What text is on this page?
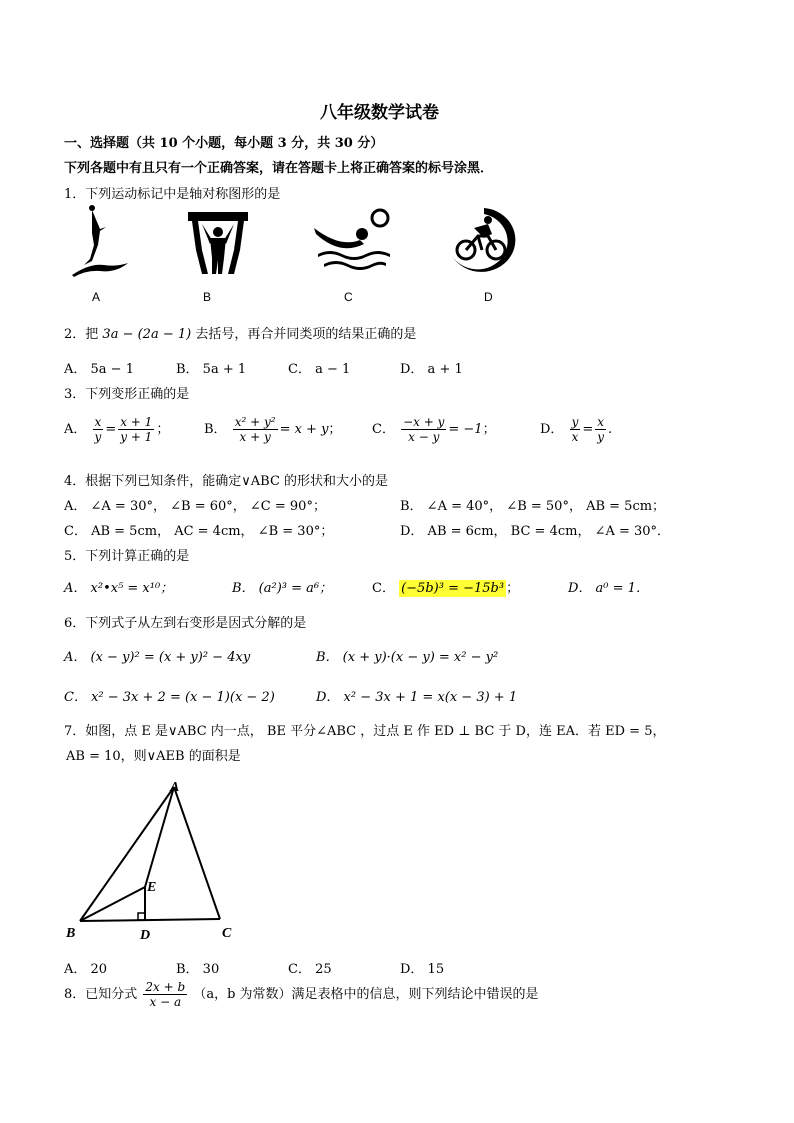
八年级数学试卷
一、选择题（共 10 个小题，每小题 3 分，共 30 分）
下列各题中有且只有一个正确答案，请在答题卡上将正确答案的标号涂黑．
1．下列运动标记中是轴对称图形的是
A	B	C	D
2．把 3a − (2a − 1) 去括号，再合并同类项的结果正确的是
A． 5a − 1	B． 5a + 1	C． a − 1	D． a + 1
3．下列变形正确的是
A． $\frac{x}{y} = \frac{x + 1}{y + 1}$ ；	B． $\frac{\text{x² + y²}}{x + y} = x + y$； C． $\frac{-x + y}{x - y} = -1$；	D． $\frac{y}{x} = \frac{x}{y}$ .
4．根据下列已知条件，能确定∨ABC 的形状和大小的是
A． ∠A = 30°， ∠B = 60°， ∠C = 90°；	B． ∠A = 40°， ∠B = 50°， AB = 5cm；
C． AB = 5cm， AC = 4cm， ∠B = 30°；	D． AB = 6cm， BC = 4cm， ∠A = 30°．
5．下列计算正确的是
A． x²•x⁵ = x¹⁰；	B． (a²)³ = a⁶；	C． (−5b)³ = −15b³ ；	D． a⁰ = 1．
6．下列式子从左到右变形是因式分解的是
A． (x − y)² = (x + y)² − 4xy	B． (x + y)·(x − y) = x² − y²
C． x² − 3x + 2 = (x − 1)(x − 2)	D． x² − 3x + 1 = x(x − 3) + 1
7．如图，点 E 是∨ABC 内一点， BE 平分∠ABC ，过点 E 作 ED ⊥ BC 于 D，连 EA．若 ED = 5，
AB = 10，则∨AEB 的面积是
A
B	C
D
E
A． 20	B． 30	C． 25	D． 15
8．已知分式 $\frac{2x + b}{x - a} (a$，b 为常数）满足表格中的信息，则下列结论中错误的是
